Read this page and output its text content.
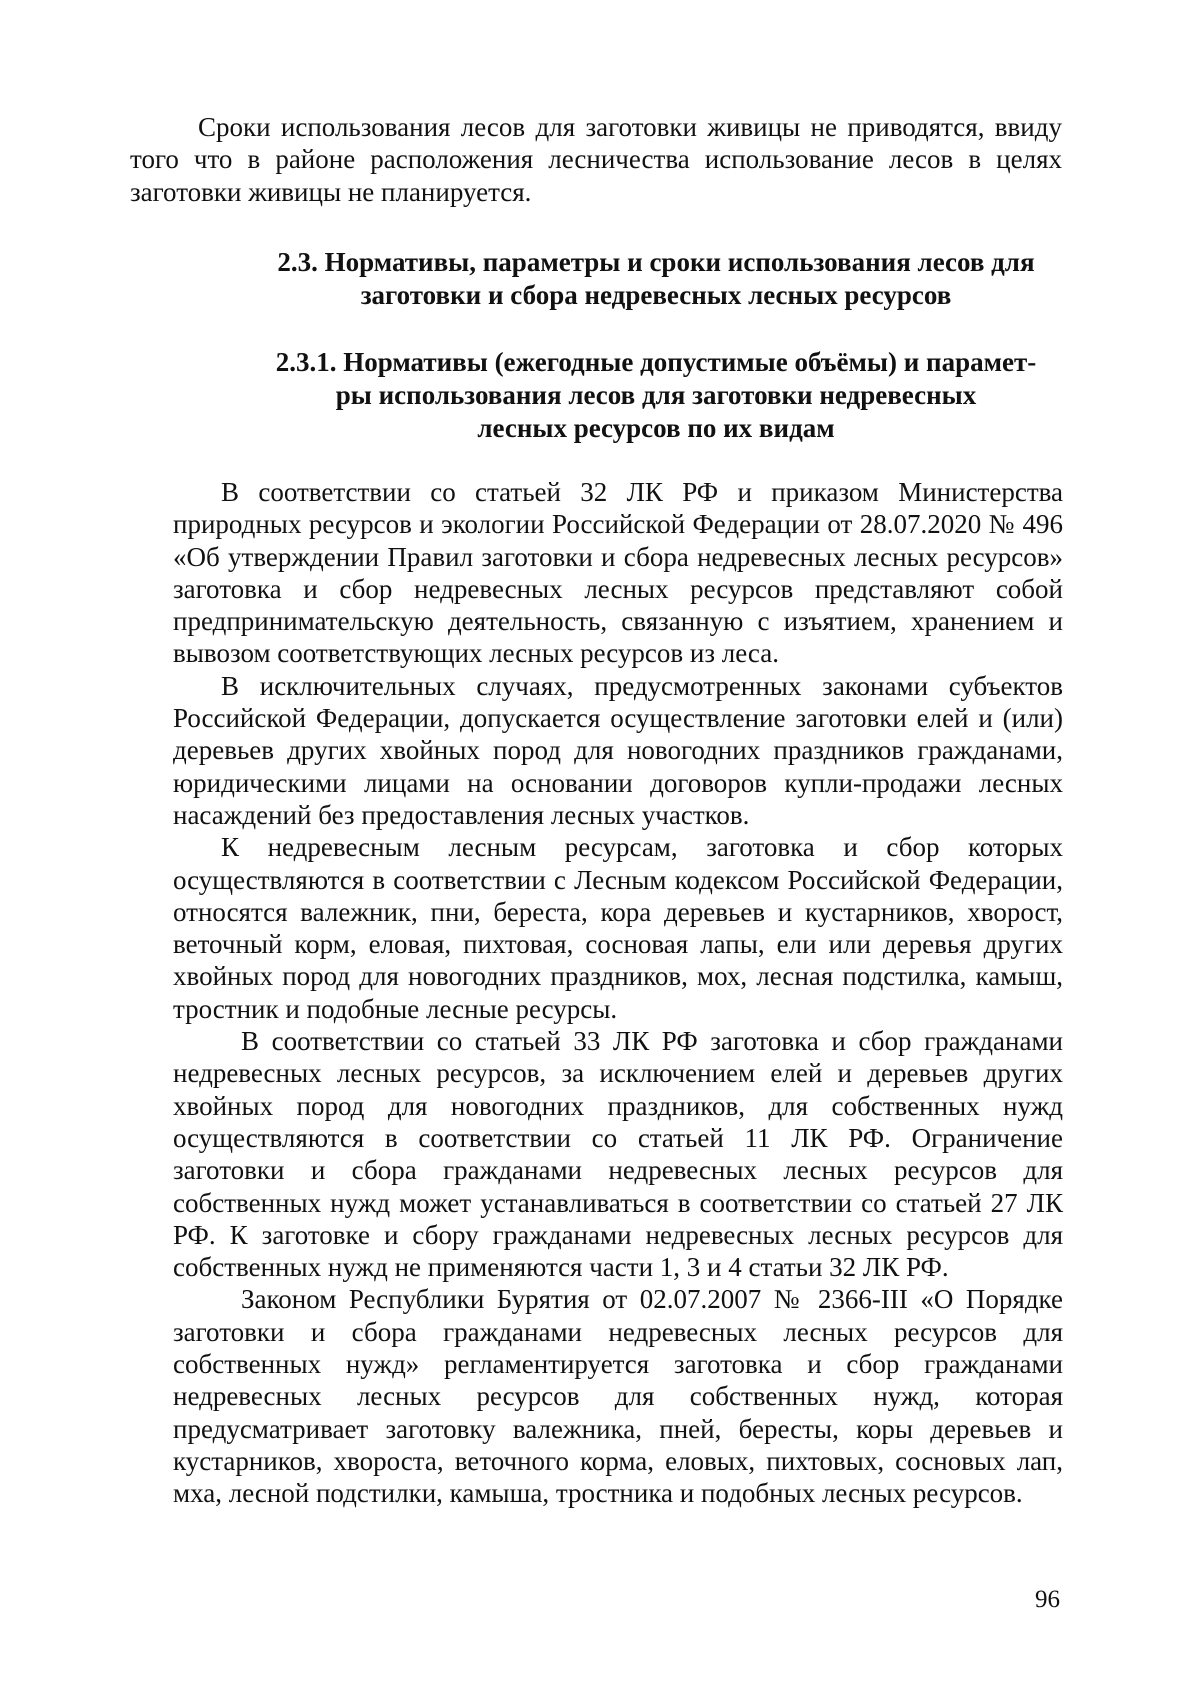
Сроки использования лесов для заготовки живицы не приводятся, ввиду того что в районе расположения лесничества использование лесов в целях заготовки живицы не планируется.

2.3. Нормативы, параметры и сроки использования лесов для
заготовки и сбора недревесных лесных ресурсов
2.3.1. Нормативы (ежегодные допустимые объёмы) и парамет-
ры использования лесов для заготовки недревесных
лесных ресурсов по их видам

В соответствии со статьей 32 ЛК РФ и приказом Министерства природных ресурсов и экологии Российской Федерации от 28.07.2020 № 496 «Об утверждении Правил заготовки и сбора недревесных лесных ресурсов» заготовка и сбор недревесных лесных ресурсов представляют собой предпринимательскую деятельность, связанную с изъятием, хранением и вывозом соответствующих лесных ресурсов из леса.

В исключительных случаях, предусмотренных законами субъектов Российской Федерации, допускается осуществление заготовки елей и (или) деревьев других хвойных пород для новогодних праздников гражданами, юридическими лицами на основании договоров купли-продажи лесных насаждений без предоставления лесных участков.

К недревесным лесным ресурсам, заготовка и сбор которых осуществляются в соответствии с Лесным кодексом Российской Федерации, относятся валежник, пни, береста, кора деревьев и кустарников, хворост, веточный корм, еловая, пихтовая, сосновая лапы, ели или деревья других хвойных пород для новогодних праздников, мох, лесная подстилка, камыш, тростник и подобные лесные ресурсы.

В соответствии со статьей 33 ЛК РФ заготовка и сбор гражданами недревесных лесных ресурсов, за исключением елей и деревьев других хвойных пород для новогодних праздников, для собственных нужд осуществляются в соответствии со статьей 11 ЛК РФ. Ограничение заготовки и сбора гражданами недревесных лесных ресурсов для собственных нужд может устанавливаться в соответствии со статьей 27 ЛК РФ. К заготовке и сбору гражданами недревесных лесных ресурсов для собственных нужд не применяются части 1, 3 и 4 статьи 32 ЛК РФ.

Законом Республики Бурятия от 02.07.2007 № 2366-III «О Порядке заготовки и сбора гражданами недревесных лесных ресурсов для собственных нужд» регламентируется заготовка и сбор гражданами недревесных лесных ресурсов для собственных нужд, которая предусматривает заготовку валежника, пней, бересты, коры деревьев и кустарников, хвороста, веточного корма, еловых, пихтовых, сосновых лап, мха, лесной подстилки, камыша, тростника и подобных лесных ресурсов.

96
